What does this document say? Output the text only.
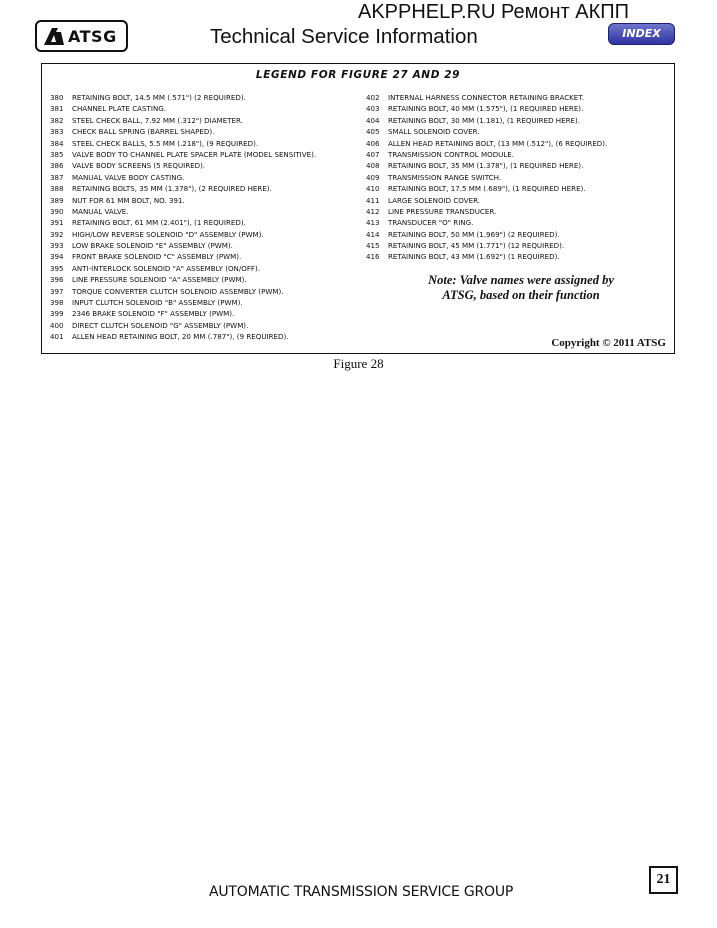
ATSG
AKPPHELP.RU Ремонт АКПП
Technical Service Information	INDEX
LEGEND FOR FIGURE 27 AND 29
380 RETAINING BOLT, 14.5 MM (.571") (2 REQUIRED).
381 CHANNEL PLATE CASTING.
382 STEEL CHECK BALL, 7.92 MM (.312") DIAMETER.
383 CHECK BALL SPRING (BARREL SHAPED).
384 STEEL CHECK BALLS, 5.5 MM (.218"), (9 REQUIRED).
385 VALVE BODY TO CHANNEL PLATE SPACER PLATE (MODEL SENSITIVE).
386 VALVE BODY SCREENS (5 REQUIRED).
387 MANUAL VALVE BODY CASTING.
388 RETAINING BOLTS, 35 MM (1.378"), (2 REQUIRED HERE).
389 NUT FOR 61 MM BOLT, NO. 391.
390 MANUAL VALVE.
391 RETAINING BOLT, 61 MM (2.401"), (1 REQUIRED).
392 HIGH/LOW REVERSE SOLENOID "D" ASSEMBLY (PWM).
393 LOW BRAKE SOLENOID "E" ASSEMBLY (PWM).
394 FRONT BRAKE SOLENOID "C" ASSEMBLY (PWM).
395 ANTI-INTERLOCK SOLENOID "A" ASSEMBLY (ON/OFF).
396 LINE PRESSURE SOLENOID "A" ASSEMBLY (PWM).
397 TORQUE CONVERTER CLUTCH SOLENOID ASSEMBLY (PWM).
398 INPUT CLUTCH SOLENOID "B" ASSEMBLY (PWM).
399 2346 BRAKE SOLENOID "F" ASSEMBLY (PWM).
400 DIRECT CLUTCH SOLENOID "G" ASSEMBLY (PWM).
401 ALLEN HEAD RETAINING BOLT, 20 MM (.787"), (9 REQUIRED).
402 INTERNAL HARNESS CONNECTOR RETAINING BRACKET.
403 RETAINING BOLT, 40 MM (1.575"), (1 REQUIRED HERE).
404 RETAINING BOLT, 30 MM (1.181), (1 REQUIRED HERE).
405 SMALL SOLENOID COVER.
406 ALLEN HEAD RETAINING BOLT, (13 MM (.512"), (6 REQUIRED).
407 TRANSMISSION CONTROL MODULE.
408 RETAINING BOLT, 35 MM (1.378"), (1 REQUIRED HERE).
409 TRANSMISSION RANGE SWITCH.
410 RETAINING BOLT, 17.5 MM (.689"), (1 REQUIRED HERE).
411 LARGE SOLENOID COVER.
412 LINE PRESSURE TRANSDUCER.
413 TRANSDUCER "O" RING.
414 RETAINING BOLT, 50 MM (1.969") (2 REQUIRED).
415 RETAINING BOLT, 45 MM (1.771") (12 REQUIRED).
416 RETAINING BOLT, 43 MM (1.692") (1 REQUIRED).
Note: Valve names were assigned by
ATSG, based on their function
Copyright © 2011 ATSG
Figure 28
AUTOMATIC TRANSMISSION SERVICE GROUP
21
